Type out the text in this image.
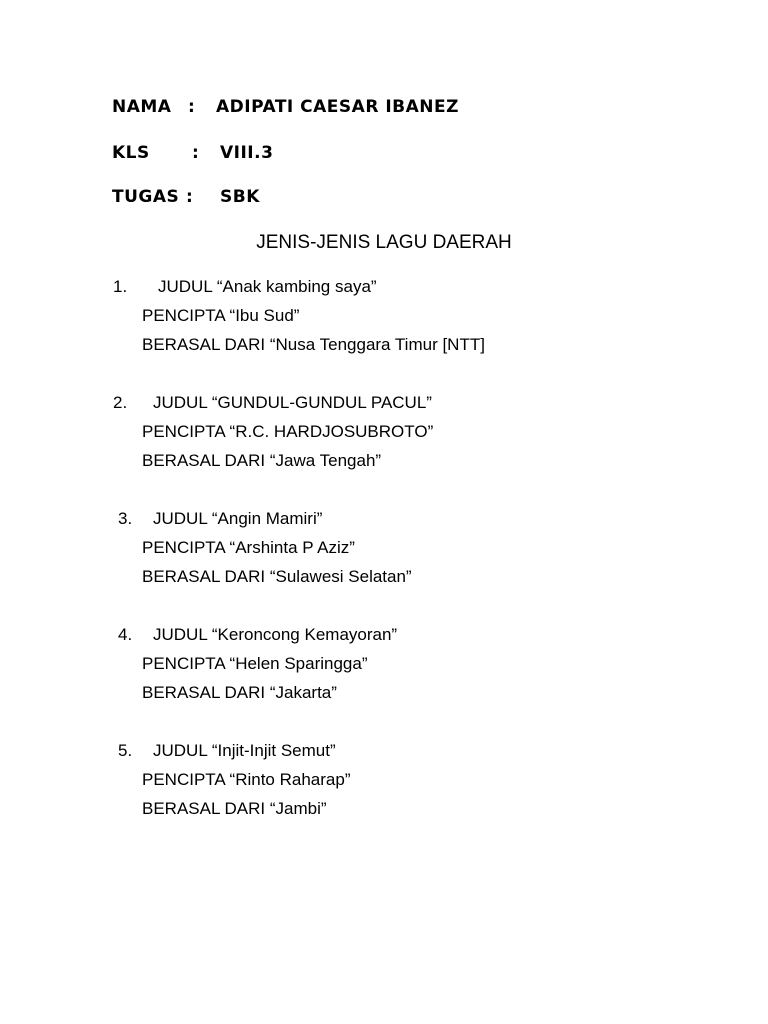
NAMA : ADIPATI CAESAR IBANEZ
KLS : VIII.3
TUGAS : SBK
JENIS-JENIS LAGU DAERAH
1. JUDUL “Anak kambing saya”
PENCIPTA “Ibu Sud”
BERASAL DARI “Nusa Tenggara Timur [NTT]
2. JUDUL “GUNDUL-GUNDUL PACUL”
PENCIPTA “R.C. HARDJOSUBROTO”
BERASAL DARI “Jawa Tengah”
3. JUDUL “Angin Mamiri”
PENCIPTA “Arshinta P Aziz”
BERASAL DARI “Sulawesi Selatan”
4. JUDUL “Keroncong Kemayoran”
PENCIPTA “Helen Sparingga”
BERASAL DARI “Jakarta”
5. JUDUL “Injit-Injit Semut”
PENCIPTA “Rinto Raharap”
BERASAL DARI “Jambi”
